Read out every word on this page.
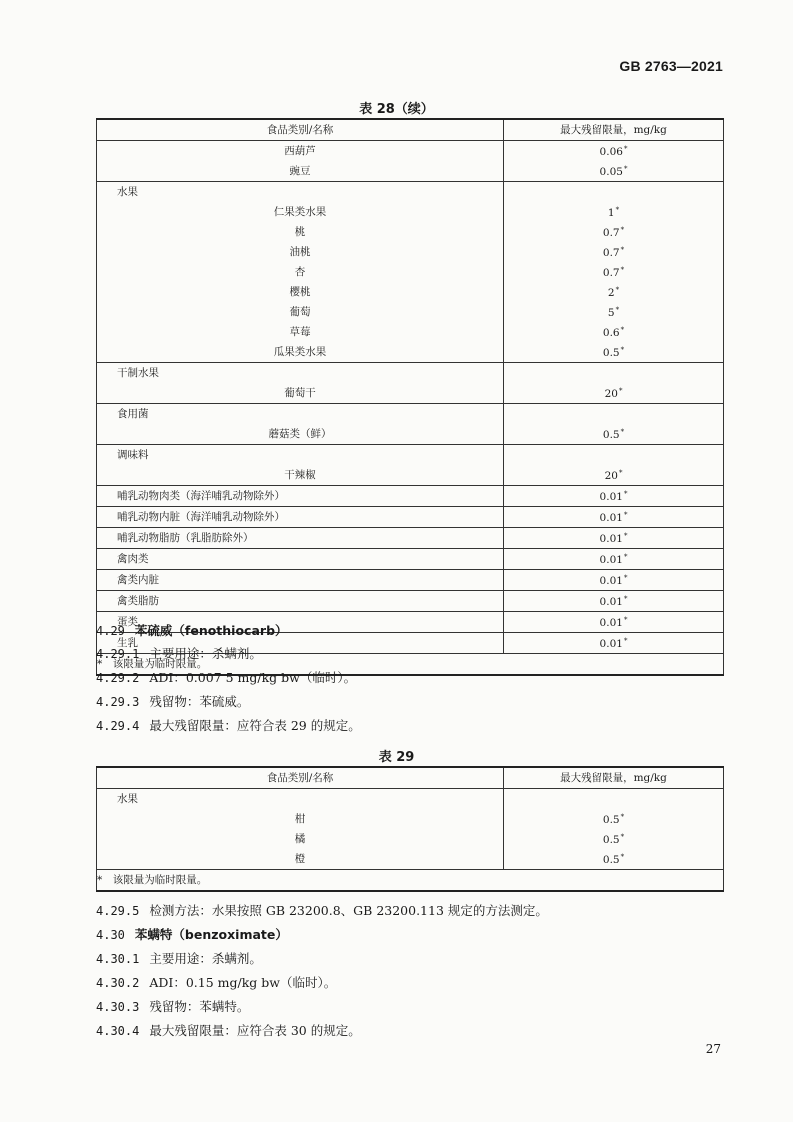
GB 2763—2021
表 28（续）
食品类别/名称	最大残留限量，mg/kg
西葫芦	0.06*
豌豆	0.05*
水果	
仁果类水果	1*
桃	0.7*
油桃	0.7*
杏	0.7*
樱桃	2*
葡萄	5*
草莓	0.6*
瓜果类水果	0.5*
干制水果	
葡萄干	20*
食用菌	
蘑菇类（鲜）	0.5*
调味料	
干辣椒	20*
哺乳动物肉类（海洋哺乳动物除外）	0.01*
哺乳动物内脏（海洋哺乳动物除外）	0.01*
哺乳动物脂肪（乳脂肪除外）	0.01*
禽肉类	0.01*
禽类内脏	0.01*
禽类脂肪	0.01*
蛋类	0.01*
生乳	0.01*
*　该限量为临时限量。	
4.29 苯硫威（fenothiocarb）
4.29.1 主要用途：杀螨剂。
4.29.2 ADI：0.007 5 mg/kg bw（临时）。
4.29.3 残留物：苯硫威。
4.29.4 最大残留限量：应符合表 29 的规定。
表 29
食品类别/名称	最大残留限量，mg/kg
水果	
柑	0.5*
橘	0.5*
橙	0.5*
*　该限量为临时限量。	
4.29.5 检测方法：水果按照 GB 23200.8、GB 23200.113 规定的方法测定。
4.30 苯螨特（benzoximate）
4.30.1 主要用途：杀螨剂。
4.30.2 ADI：0.15 mg/kg bw（临时）。
4.30.3 残留物：苯螨特。
4.30.4 最大残留限量：应符合表 30 的规定。
27
